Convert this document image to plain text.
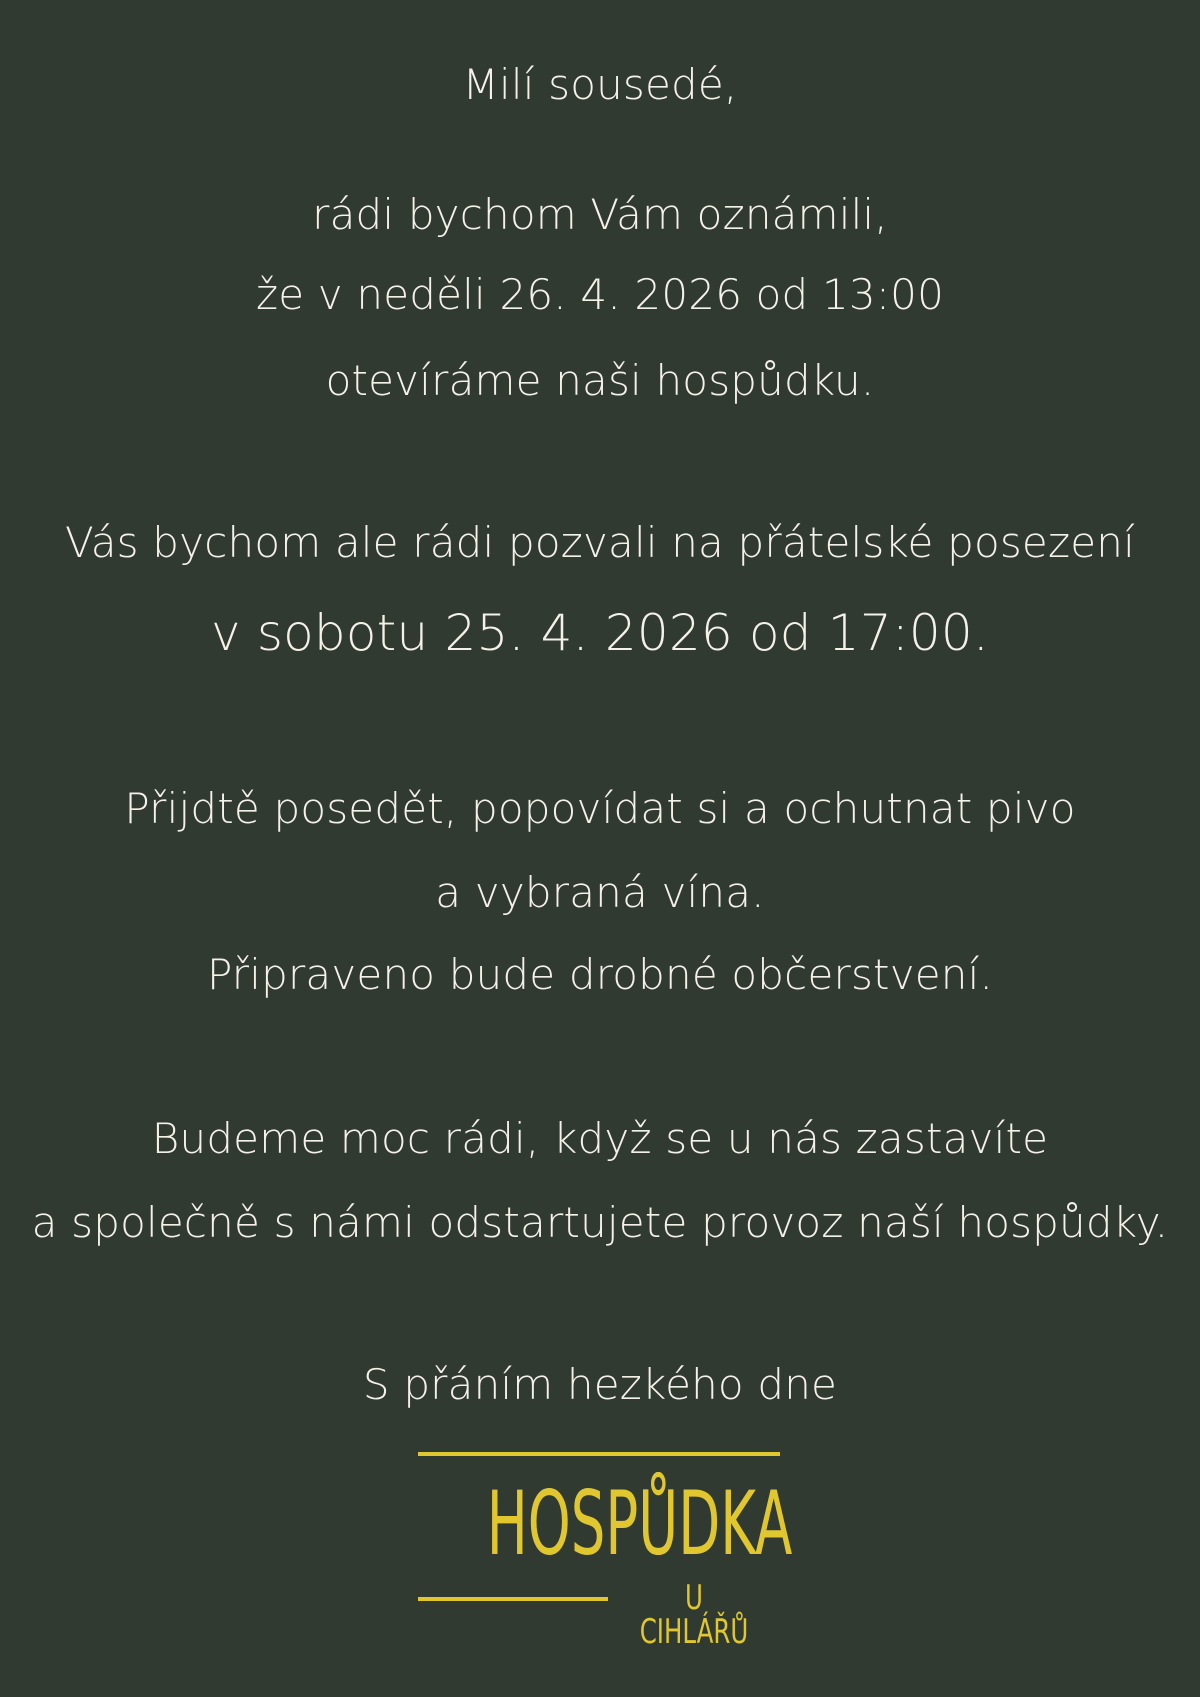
Milí sousedé,
rádi bychom Vám oznámili,
že v neděli 26. 4. 2026 od 13:00
otevíráme naši hospůdku.
Vás bychom ale rádi pozvali na přátelské posezení
v sobotu 25. 4. 2026 od 17:00.
Přijdtě posedět, popovídat si a ochutnat pivo
a vybraná vína.
Připraveno bude drobné občerstvení.
Budeme moc rádi, když se u nás zastavíte
a společně s námi odstartujete provoz naší hospůdky.
S přáním hezkého dne
HOSPŮDKA
U CIHLÁŘŮ
